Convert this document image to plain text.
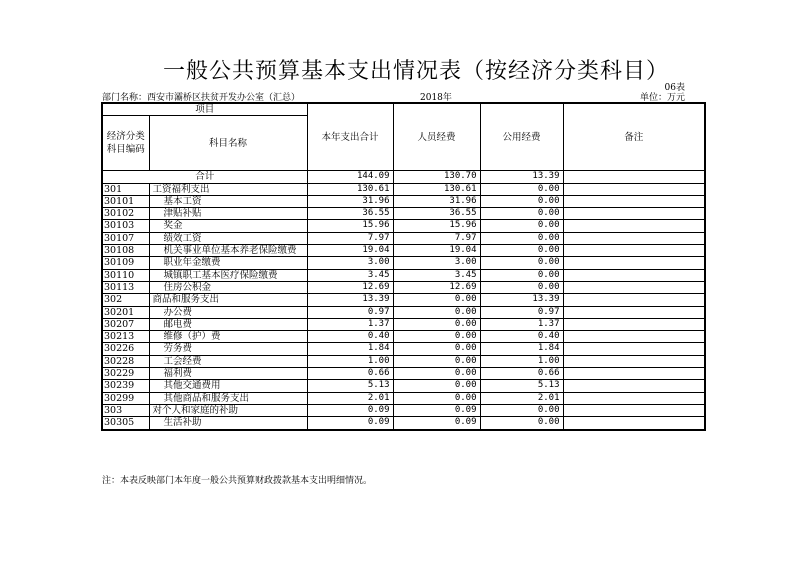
一般公共预算基本支出情况表（按经济分类科目）
06表
部门名称：西安市灞桥区扶贫开发办公室（汇总）	2018年	单位：万元
项目		本年支出合计	人员经费	公用经费	备注
经济分类科目编码	科目名称				
合计		144.09	130.70	13.39	
301	工资福利支出	130.61	130.61	0.00	
30101	基本工资	31.96	31.96	0.00	
30102	津贴补贴	36.55	36.55	0.00	
30103	奖金	15.96	15.96	0.00	
30107	绩效工资	7.97	7.97	0.00	
30108	机关事业单位基本养老保险缴费	19.04	19.04	0.00	
30109	职业年金缴费	3.00	3.00	0.00	
30110	城镇职工基本医疗保险缴费	3.45	3.45	0.00	
30113	住房公积金	12.69	12.69	0.00	
302	商品和服务支出	13.39	0.00	13.39	
30201	办公费	0.97	0.00	0.97	
30207	邮电费	1.37	0.00	1.37	
30213	维修（护）费	0.40	0.00	0.40	
30226	劳务费	1.84	0.00	1.84	
30228	工会经费	1.00	0.00	1.00	
30229	福利费	0.66	0.00	0.66	
30239	其他交通费用	5.13	0.00	5.13	
30299	其他商品和服务支出	2.01	0.00	2.01	
303	对个人和家庭的补助	0.09	0.09	0.00	
30305	生活补助	0.09	0.09	0.00	
注：本表反映部门本年度一般公共预算财政拨款基本支出明细情况。
